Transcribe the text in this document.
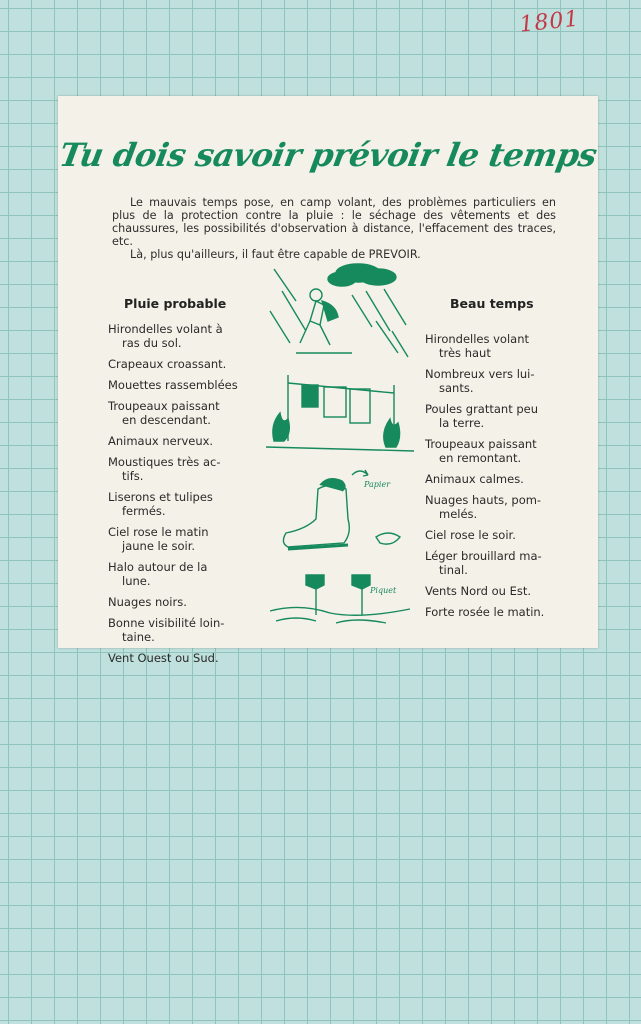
1801
Tu dois savoir prévoir le temps

Le mauvais temps pose, en camp volant, des problèmes particuliers en plus de la protection contre la pluie : le séchage des vêtements et des chaussures, les possibilités d'observation à distance, l'effacement des traces, etc.

Là, plus qu'ailleurs, il faut être capable de PREVOIR.

Pluie probable	Beau temps
Hirondelles volant à
ras du sol.
Crapeaux croassant.
Mouettes rassemblées
Troupeaux paissant
en descendant.
Animaux nerveux.
Moustiques très ac-
tifs.
Liserons et tulipes
fermés.
Ciel rose le matin
jaune le soir.
Halo autour de la
lune.
Nuages noirs.
Bonne visibilité loin-
taine.
Vent Ouest ou Sud.
Hirondelles volant
très haut
Nombreux vers lui-
sants.
Poules grattant peu
la terre.
Troupeaux paissant
en remontant.
Animaux calmes.
Nuages hauts, pom-
melés.
Ciel rose le soir.
Léger brouillard ma-
tinal.
Vents Nord ou Est.
Forte rosée le matin.
Papier
Piquet
